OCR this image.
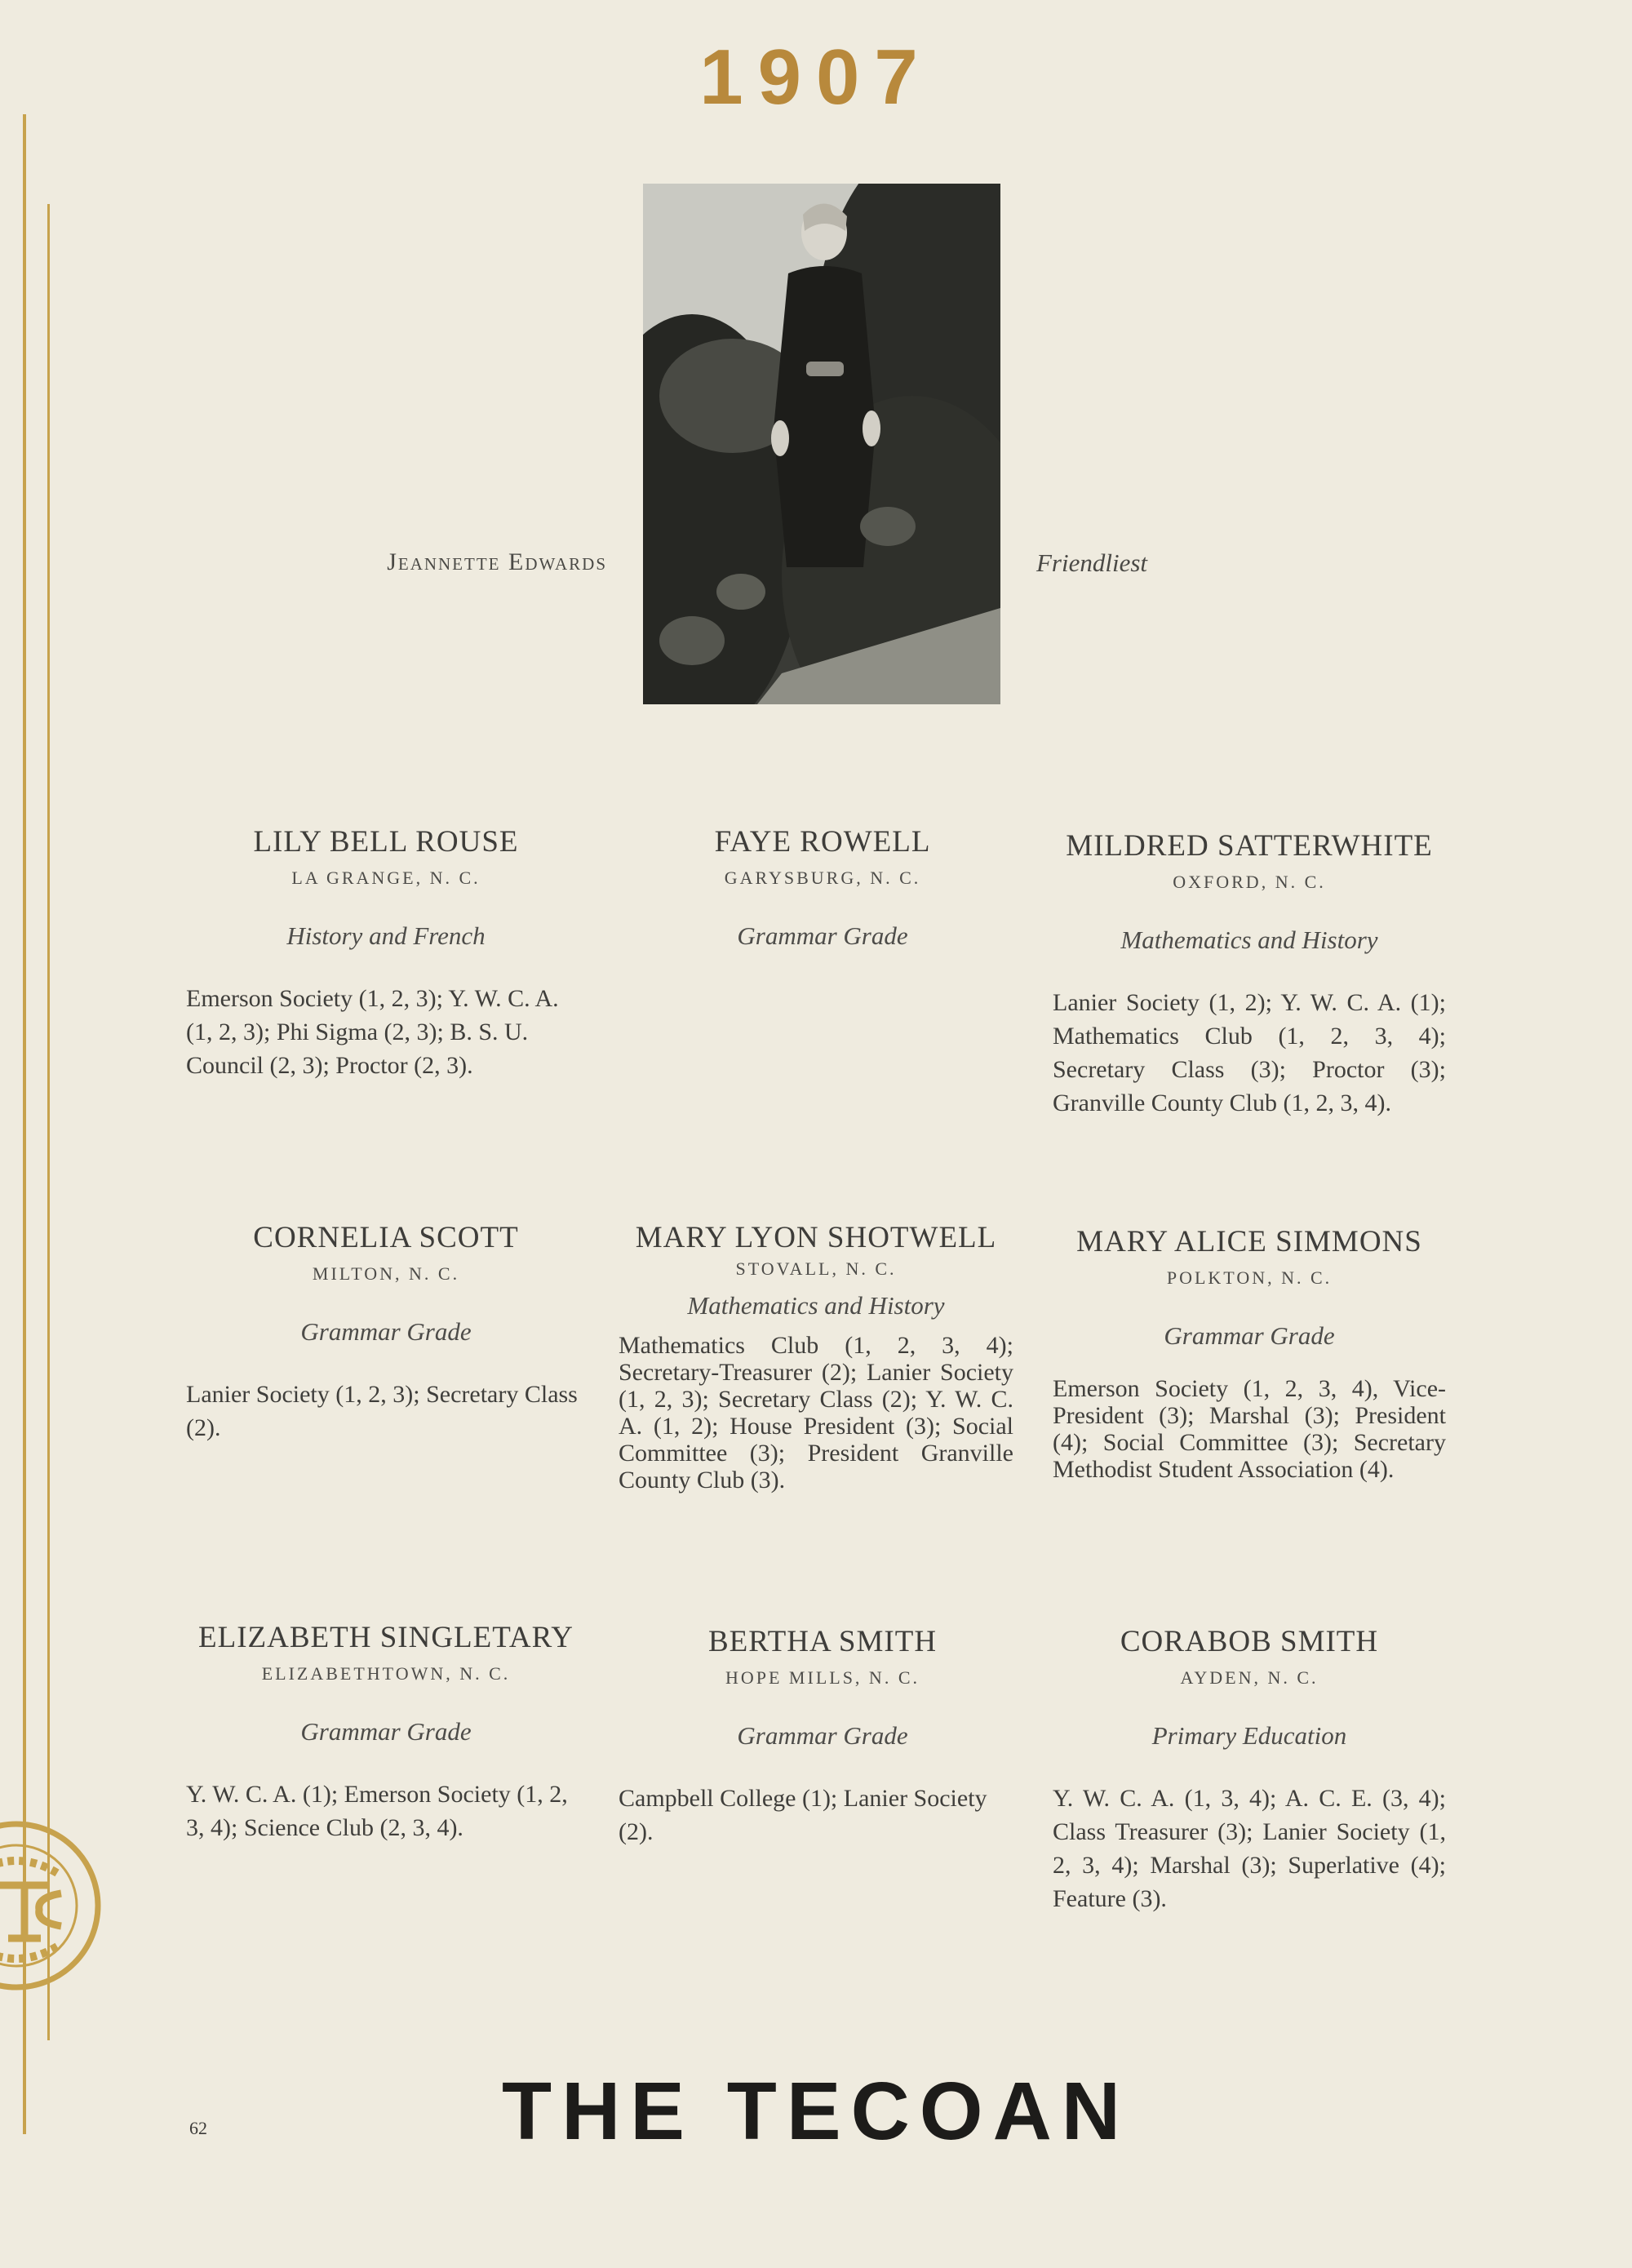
1907
Jeannette Edwards	Friendliest
LILY BELL ROUSE
LA GRANGE, N. C.
History and French
Emerson Society (1, 2, 3); Y. W. C. A. (1, 2, 3); Phi Sigma (2, 3); B. S. U. Council (2, 3); Proctor (2, 3).
FAYE ROWELL
GARYSBURG, N. C.
Grammar Grade
MILDRED SATTERWHITE
OXFORD, N. C.
Mathematics and History
Lanier Society (1, 2); Y. W. C. A. (1); Mathematics Club (1, 2, 3, 4); Secretary Class (3); Proctor (3); Granville County Club (1, 2, 3, 4).
CORNELIA SCOTT
MILTON, N. C.
Grammar Grade
Lanier Society (1, 2, 3); Secretary Class (2).
MARY LYON SHOTWELL
STOVALL, N. C.
Mathematics and History
Mathematics Club (1, 2, 3, 4); Secretary-Treasurer (2); Lanier Society (1, 2, 3); Secretary Class (2); Y. W. C. A. (1, 2); House President (3); Social Committee (3); President Granville County Club (3).
MARY ALICE SIMMONS
POLKTON, N. C.
Grammar Grade
Emerson Society (1, 2, 3, 4), Vice-President (3); Marshal (3); President (4); Social Committee (3); Secretary Methodist Student Association (4).
ELIZABETH SINGLETARY
ELIZABETHTOWN, N. C.
Grammar Grade
Y. W. C. A. (1); Emerson Society (1, 2, 3, 4); Science Club (2, 3, 4).
BERTHA SMITH
HOPE MILLS, N. C.
Grammar Grade
Campbell College (1); Lanier Society (2).
CORABOB SMITH
AYDEN, N. C.
Primary Education
Y. W. C. A. (1, 3, 4); A. C. E. (3, 4); Class Treasurer (3); Lanier Society (1, 2, 3, 4); Marshal (3); Superlative (4); Feature (3).
62	THE TECOAN
